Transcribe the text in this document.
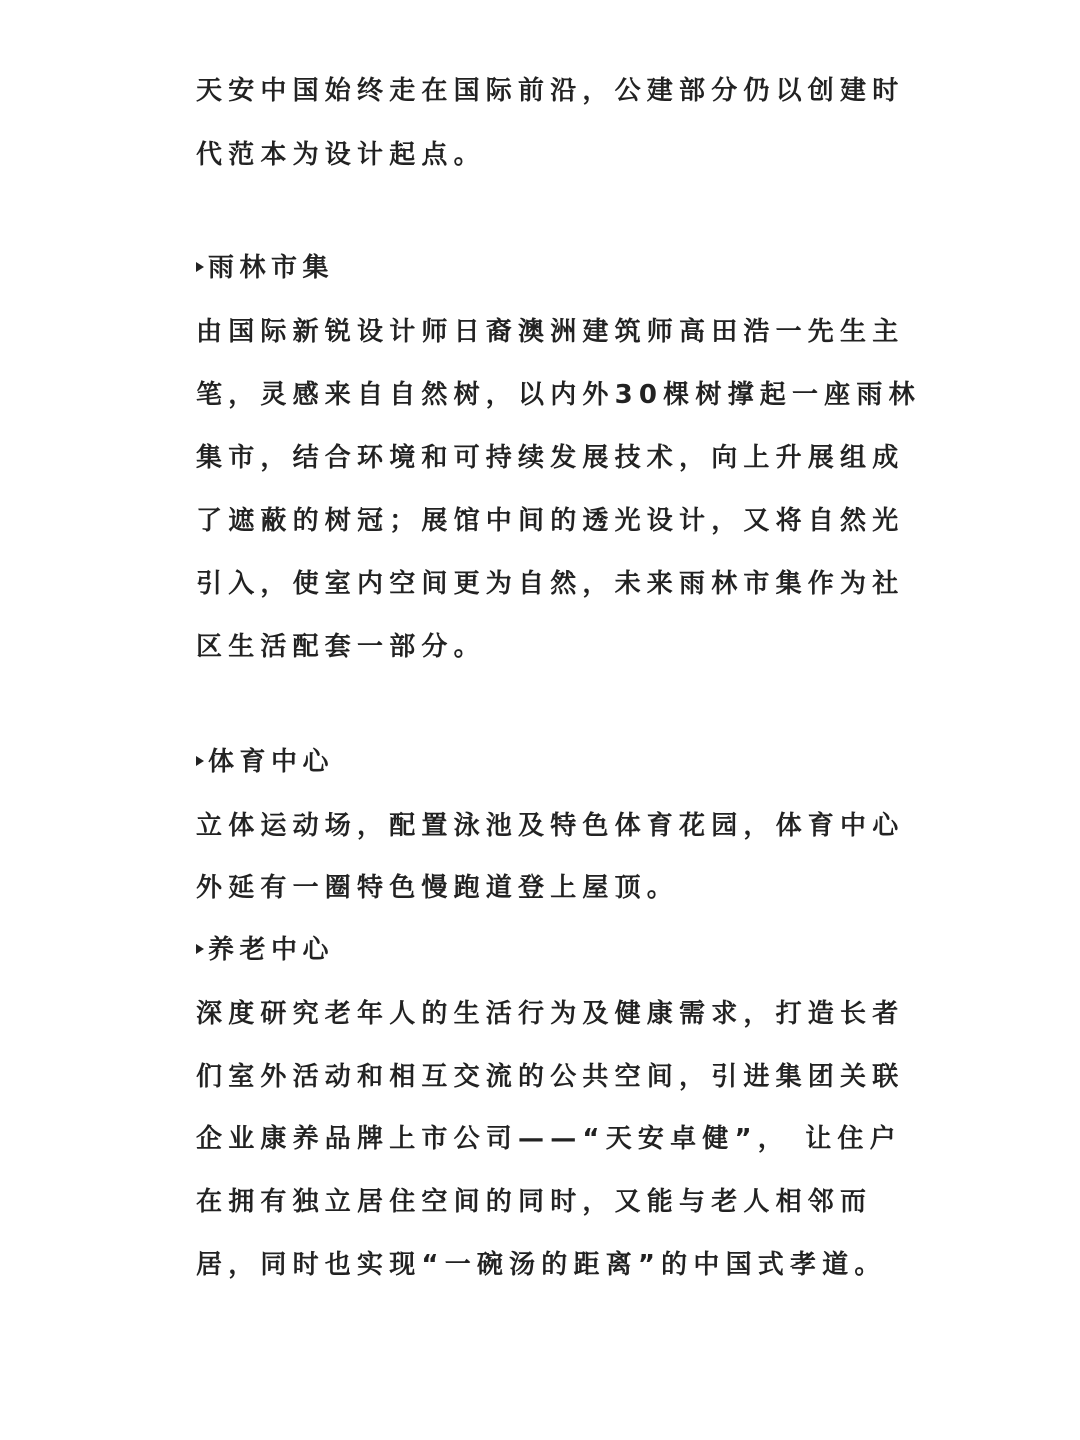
天安中国始终走在国际前沿，公建部分仍以创建时
代范本为设计起点。
雨林市集
由国际新锐设计师日裔澳洲建筑师高田浩一先生主
笔，灵感来自自然树，以内外30棵树撑起一座雨林
集市，结合环境和可持续发展技术，向上升展组成
了遮蔽的树冠；展馆中间的透光设计，又将自然光
引入，使室内空间更为自然，未来雨林市集作为社
区生活配套一部分。
体育中心
立体运动场，配置泳池及特色体育花园，体育中心
外延有一圈特色慢跑道登上屋顶。
养老中心
深度研究老年人的生活行为及健康需求，打造长者
们室外活动和相互交流的公共空间，引进集团关联
企业康养品牌上市公司——“天安卓健”， 让住户
在拥有独立居住空间的同时，又能与老人相邻而
居，同时也实现“一碗汤的距离”的中国式孝道。
